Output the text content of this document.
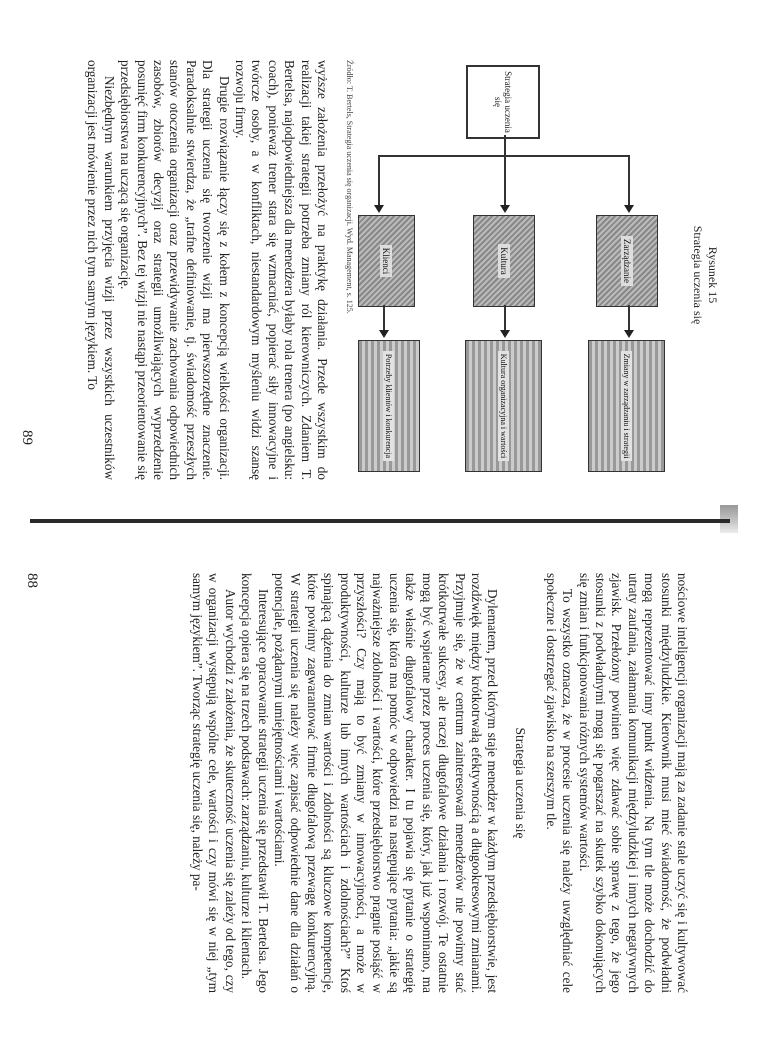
Rysunek 15
Strategia uczenia się
Strategia uczenia się
Zarządzanie
Kultura
Klienci
Zmiany w zarządzaniu i strategii
Kultura organizacyjna i wartości
Potrzeby klientów i konkurencja
Źródło: T. Bertels, Strategia uczenia się organizacji. Wyd. Management, s. 125.

wyższe założenia przełożyć na praktykę działania. Przede wszystkim do realizacji takiej strategii potrzeba zmiany ról kierowniczych. Zdaniem T. Bertelsa, najodpowiedniejsza dla menedżera byłaby rola trenera (po angielsku: coach), ponieważ trener stara się wzmacniać, popierać siły innowacyjne i twórcze osoby, a w konfliktach, niestandardowym myśleniu widzi szansę rozwoju firmy.

Drugie rozwiązanie łączy się z kołem z koncepcją wielkości organizacji. Dla strategii uczenia się tworzenie wizji ma pierwszorzędne znaczenie. Paradoksalnie stwierdza, że „trafne definiowanie, tj. świadomość przeszłych stanów otoczenia organizacji oraz przewidywanie zachowania odpowiednich zasobów, zbiorów decyzji oraz strategii umożliwiających wyprzedzenie posunięć firm konkurencyjnych”. Bez tej wizji nie nastąpi przeorientowanie się przedsiębiorstwa na uczącą się organizację.

Niezbędnym warunkiem przyjęcia wizji przez wszystkich uczestników organizacji jest mówienie przez nich tym samym językiem. To

89

nościowe inteligencji organizacji mają za zadanie stale uczyć się i kultywować stosunki międzyludzkie. Kierownik musi mieć świadomość, że podwładni mogą reprezentować inny punkt widzenia. Na tym tle może dochodzić do utraty zaufania, załamania komunikacji międzyludzkiej i innych negatywnych zjawisk. Przełożony powinien więc zdawać sobie sprawę z tego, że jego stosunki z podwładnymi mogą się pogarszać na skutek szybko dokonujących się zmian i funkcjonowania różnych systemów wartości.

To wszystko oznacza, że w procesie uczenia się należy uwzględniać cele społeczne i dostrzegać zjawisko na szerszym tle.

Strategia uczenia się

Dylematem, przed którym staje menedżer w każdym przedsiębiorstwie, jest rozdźwięk między krótkotrwałą efektywnością a długookresowymi zmianami. Przyjmuje się, że w centrum zainteresowań menedżerów nie powinny stać krótkotrwałe sukcesy, ale raczej długofalowe działania i rozwój. Te ostatnie mogą być wspierane przez proces uczenia się, który, jak już wspominano, ma także właśnie długofalowy charakter. I tu pojawia się pytanie o strategię uczenia się, która ma pomóc w odpowiedzi na następujące pytania: „jakie są najważniejsze zdolności i wartości, które przedsiębiorstwo pragnie posiąść w przyszłości? Czy mają to być zmiany w innowacyjności, a może w produktywności, kulturze lub innych wartościach i zdolnościach?” Ktoś spinającą dążenia do zmian wartości i zdolności są kluczowe kompetencje, które powinny zagwarantować firmie długofalową przewagę konkurencyjną. W strategii uczenia się należy więc zapisać odpowiednie dane dla działań o potencjale, pożądanymi umiejętnościami i wartościami.

Interesujące opracowanie strategii uczenia się przedstawił T. Bertelsa. Jego koncepcja opiera się na trzech podstawach: zarządzaniu, kulturze i klientach.

Autor wychodzi z założenia, że skuteczność uczenia się zależy od tego, czy w organizacji występują wspólne cele, wartości i czy mówi się w niej „tym samym językiem”. Tworząc strategię uczenia się, należy pa-

88
